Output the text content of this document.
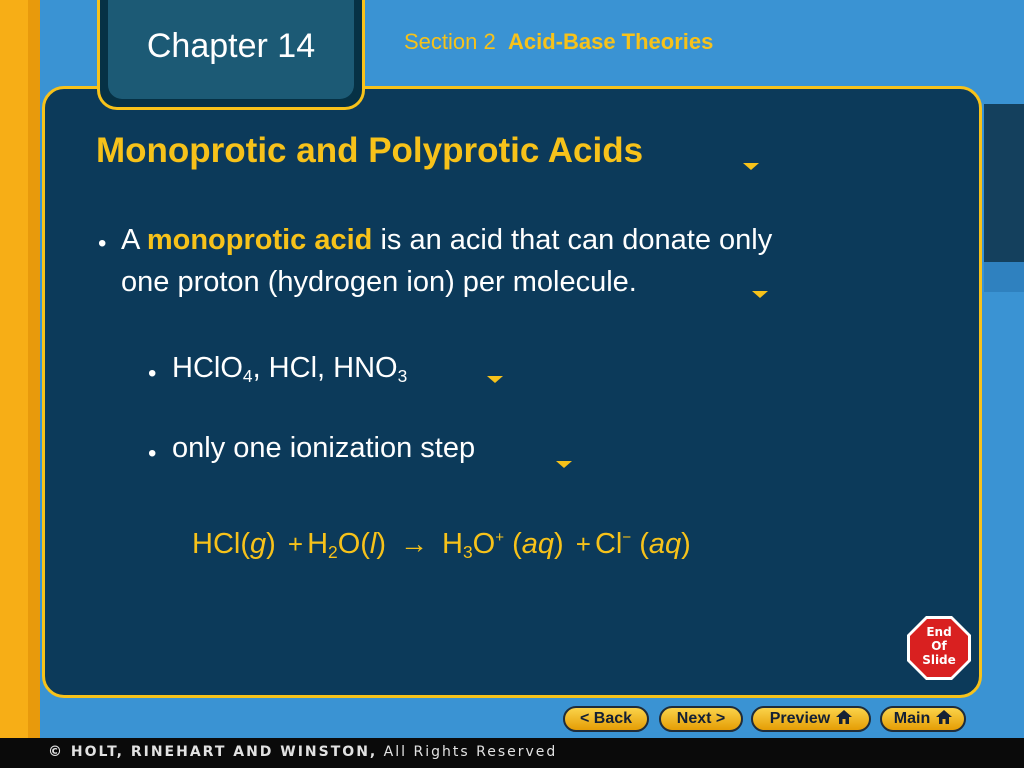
Chapter 14	Section 2 Acid-Base Theories
Monoprotic and Polyprotic Acids
• A monoprotic acid is an acid that can donate only
one proton (hydrogen ion) per molecule.
• HClO$_4$, HCl, $HNO_3$
• only one ionization step
$HCl(g) + H_2O(l) \to H_3O^+$ (aq) + Cl− (aq)
End
Of
Slide
< Back	Next >	Preview	Main
© HOLT, RINEHART AND WINSTON, All Rights Reserved
